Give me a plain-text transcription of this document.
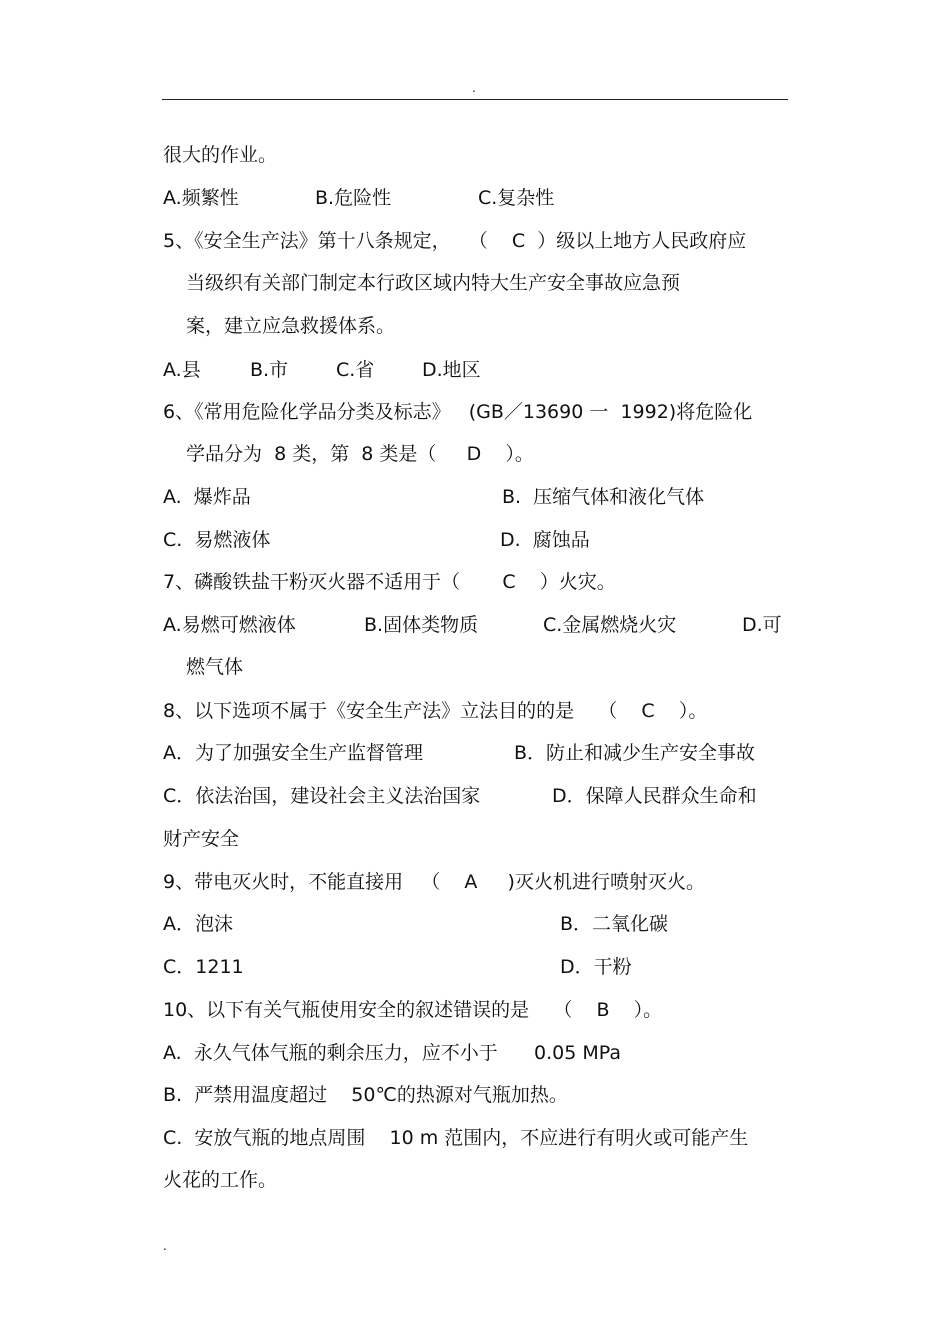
.
很大的作业。
A.频繁性	B.危险性	C.复杂性
5、《安全生产法》第十八条规定，   （    C  ）级以上地方人民政府应
当级织有关部门制定本行政区域内特大生产安全事故应急预
案，建立应急救援体系。
A.县	B.市	C.省	D.地区
6、《常用危险化学品分类及标志》   (GB／13690 一  1992)将危险化
学品分为  8 类，第  8 类是（     D    ）。
A.  爆炸品	B.  压缩气体和液化气体
C.  易燃液体	D.  腐蚀品
7、磷酸铁盐干粉灭火器不适用于（       C    ）火灾。
A.易燃可燃液体	B.固体类物质	C.金属燃烧火灾	D.可
燃气体
8、以下选项不属于《安全生产法》立法目的的是    （    C    ）。
A．为了加强安全生产监督管理	B．防止和减少生产安全事故
C．依法治国，建设社会主义法治国家	D．保障人民群众生命和
财产安全
9、带电灭火时，不能直接用   （    A     )灭火机进行喷射灭火。
A．泡沫	B．二氧化碳
C．1211	D．干粉
10、以下有关气瓶使用安全的叙述错误的是    （    B    ）。
A.  永久气体气瓶的剩余压力，应不小于      0.05 MPa
B.  严禁用温度超过    50℃的热源对气瓶加热。
C.  安放气瓶的地点周围    10 m 范围内，不应进行有明火或可能产生
火花的工作。
.
